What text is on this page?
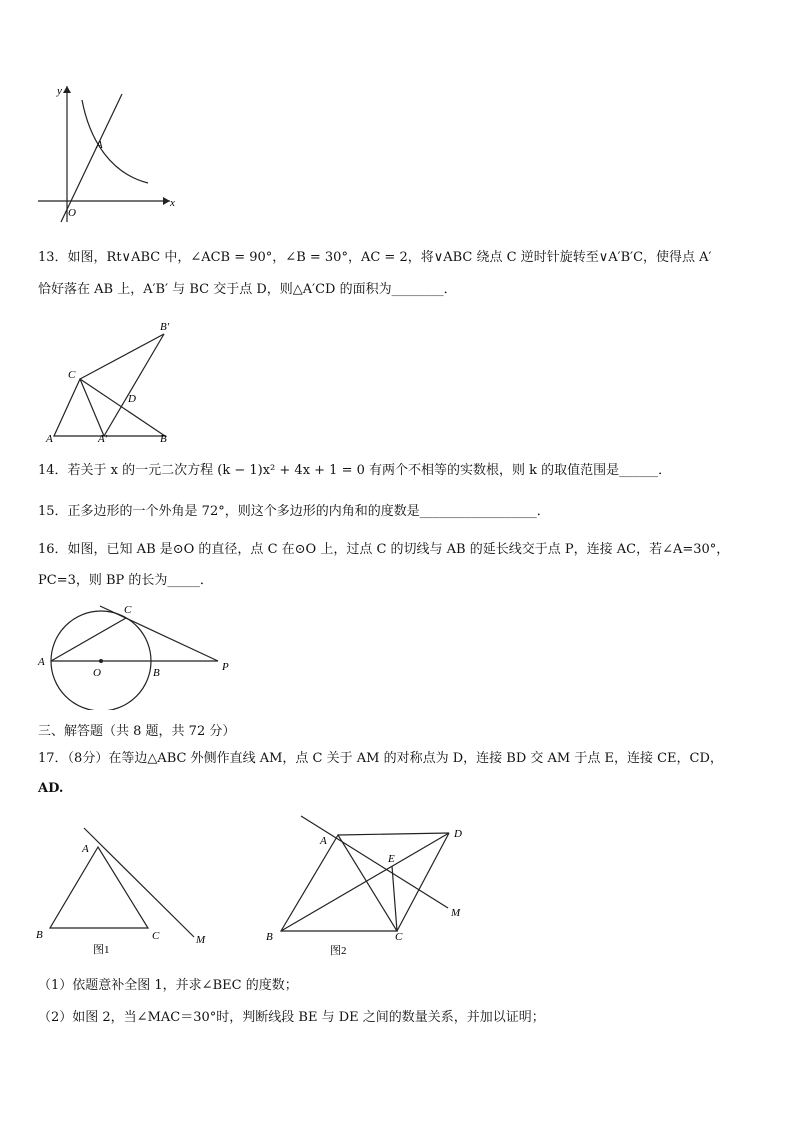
y
x
O
A
13．如图，Rt∨ABC 中，∠ACB = 90°，∠B = 30°，AC = 2，将∨ABC 绕点 C 逆时针旋转至∨A′B′C，使得点 A′
恰好落在 AB 上，A′B′ 与 BC 交于点 D，则△A′CD 的面积为________．
B′
C
D
A	A′	B
14．若关于 x 的一元二次方程 (k − 1)x² + 4x + 1 = 0 有两个不相等的实数根，则 k 的取值范围是______．
15．正多边形的一个外角是 72°，则这个多边形的内角和的度数是__________________．
16．如图，已知 AB 是⊙O 的直径，点 C 在⊙O 上，过点 C 的切线与 AB 的延长线交于点 P，连接 AC，若∠A=30°，
PC=3，则 BP 的长为_____．
C
A
O	B	P
三、解答题（共 8 题，共 72 分）
17．（8分）在等边△ABC 外侧作直线 AM，点 C 关于 AM 的对称点为 D，连接 BD 交 AM 于点 E，连接 CE，CD，
AD.
A
B	C	M
图1
A
D
E
M
B	C
图2
（1）依题意补全图 1，并求∠BEC 的度数；
（2）如图 2，当∠MAC＝30°时，判断线段 BE 与 DE 之间的数量关系，并加以证明；
